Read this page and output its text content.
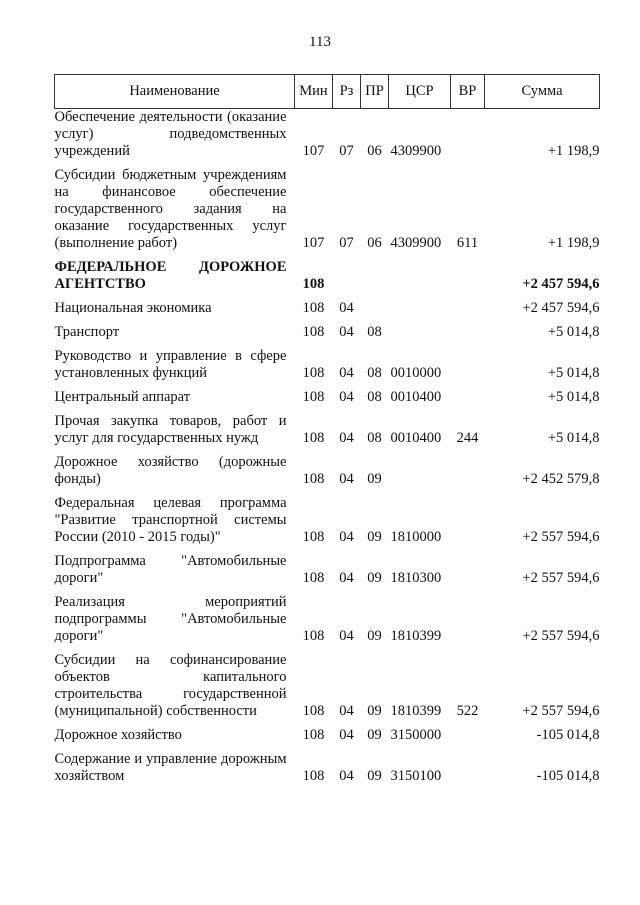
113
Наименование	Мин	Рз	ПР	ЦСР	ВР	Сумма
Обеспечение деятельности (оказание услуг) подведомственных учреждений	107	07	06	4309900		+1 198,9
Субсидии бюджетным учреждениям на финансовое обеспечение государственного задания на оказание государственных услуг (выполнение работ)	107	07	06	4309900	611	+1 198,9
ФЕДЕРАЛЬНОЕ ДОРОЖНОЕ АГЕНТСТВО	108					+2 457 594,6
Национальная экономика	108	04				+2 457 594,6
Транспорт	108	04	08			+5 014,8
Руководство и управление в сфере установленных функций	108	04	08	0010000		+5 014,8
Центральный аппарат	108	04	08	0010400		+5 014,8
Прочая закупка товаров, работ и услуг для государственных нужд	108	04	08	0010400	244	+5 014,8
Дорожное хозяйство (дорожные фонды)	108	04	09			+2 452 579,8
Федеральная целевая программа "Развитие транспортной системы России (2010 - 2015 годы)"	108	04	09	1810000		+2 557 594,6
Подпрограмма "Автомобильные дороги"	108	04	09	1810300		+2 557 594,6
Реализация мероприятий подпрограммы "Автомобильные дороги"	108	04	09	1810399		+2 557 594,6
Субсидии на софинансирование объектов капитального строительства государственной (муниципальной) собственности	108	04	09	1810399	522	+2 557 594,6
Дорожное хозяйство	108	04	09	3150000		-105 014,8
Содержание и управление дорожным хозяйством	108	04	09	3150100		-105 014,8
